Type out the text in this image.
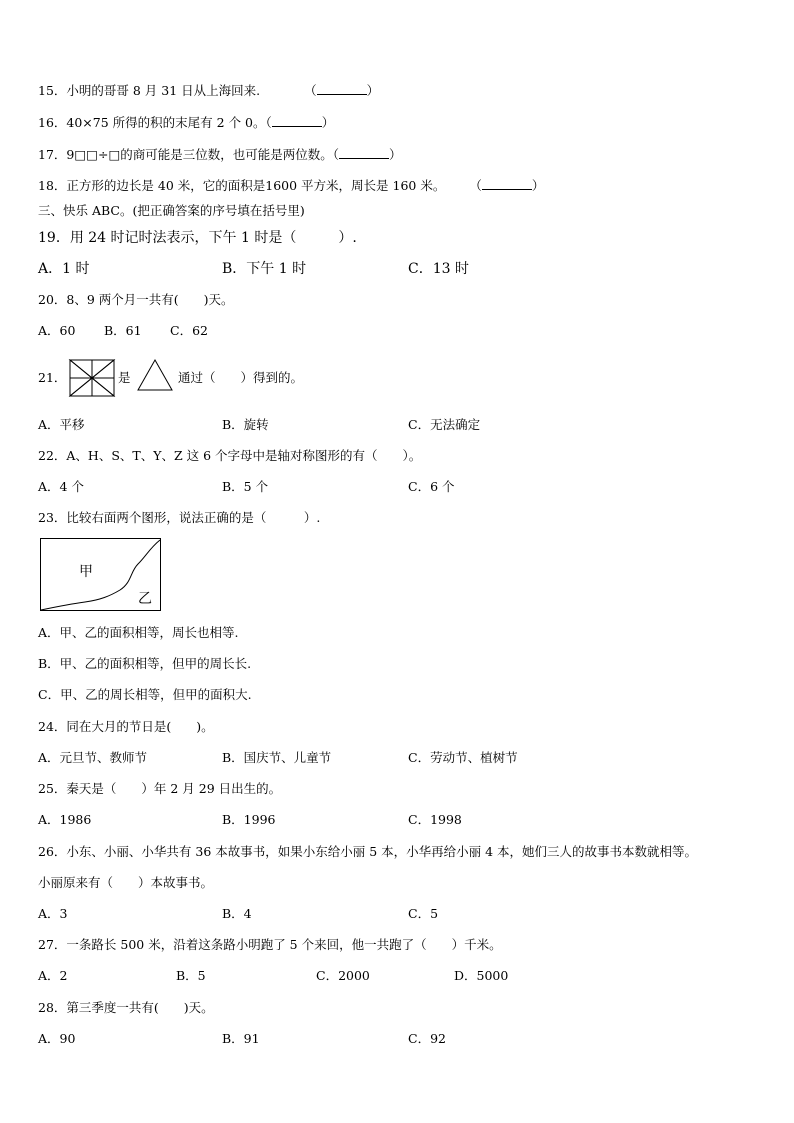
15．小明的哥哥 8 月 31 日从上海回来.	（	）
16．40×75 所得的积的末尾有 2 个 0。（	）
17．9□□÷□的商可能是三位数，也可能是两位数。（	）
18．正方形的边长是 40 米，它的面积是1600 平方米，周长是 160 米。 （	）
三、快乐 ABC。(把正确答案的序号填在括号里)
19．用 24 时记时法表示，下午 1 时是（　　　）.
A．1 时	B．下午 1 时	C．13 时
20．8、9 两个月一共有(　　)天。
A．60 B．61 C．62
21．	是	通过（　　）得到的。
A．平移	B．旋转	C．无法确定
22．A、H、S、T、Y、Z 这 6 个字母中是轴对称图形的有（　　）。
A．4 个	B．5 个	C．6 个
23．比较右面两个图形，说法正确的是（　　　）.
甲
乙
A．甲、乙的面积相等，周长也相等.
B．甲、乙的面积相等，但甲的周长长.
C．甲、乙的周长相等，但甲的面积大.
24．同在大月的节日是(　　)。
A．元旦节、教师节	B．国庆节、儿童节	C．劳动节、植树节
25．秦天是（　　）年 2 月 29 日出生的。
A．1986	B．1996	C．1998
26．小东、小丽、小华共有 36 本故事书，如果小东给小丽 5 本，小华再给小丽 4 本，她们三人的故事书本数就相等。
小丽原来有（　　）本故事书。
A．3	B．4	C．5
27．一条路长 500 米，沿着这条路小明跑了 5 个来回，他一共跑了（　　）千米。
A．2	B．5	C．2000	D．5000
28．第三季度一共有(　　)天。
A．90	B．91	C．92
